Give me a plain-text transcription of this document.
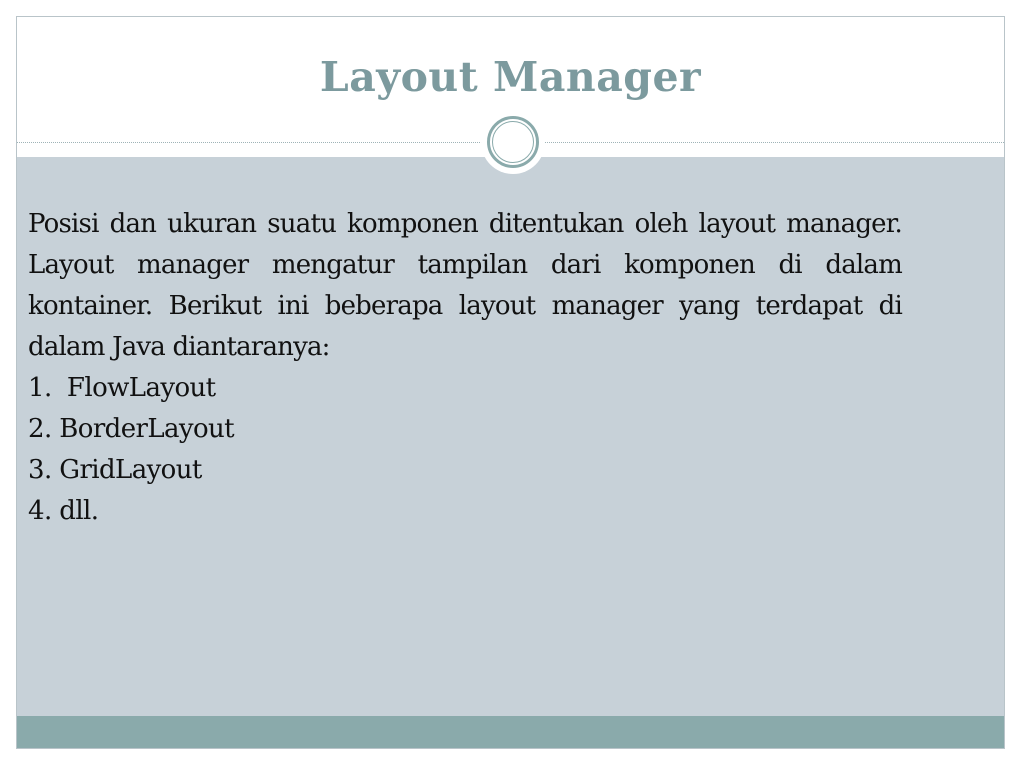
Layout Manager

Posisi dan ukuran suatu komponen ditentukan oleh layout manager. Layout manager mengatur tampilan dari komponen di dalam kontainer. Berikut ini beberapa layout manager yang terdapat di dalam Java diantaranya:

1.  FlowLayout
2. BorderLayout
3. GridLayout
4. dll.
